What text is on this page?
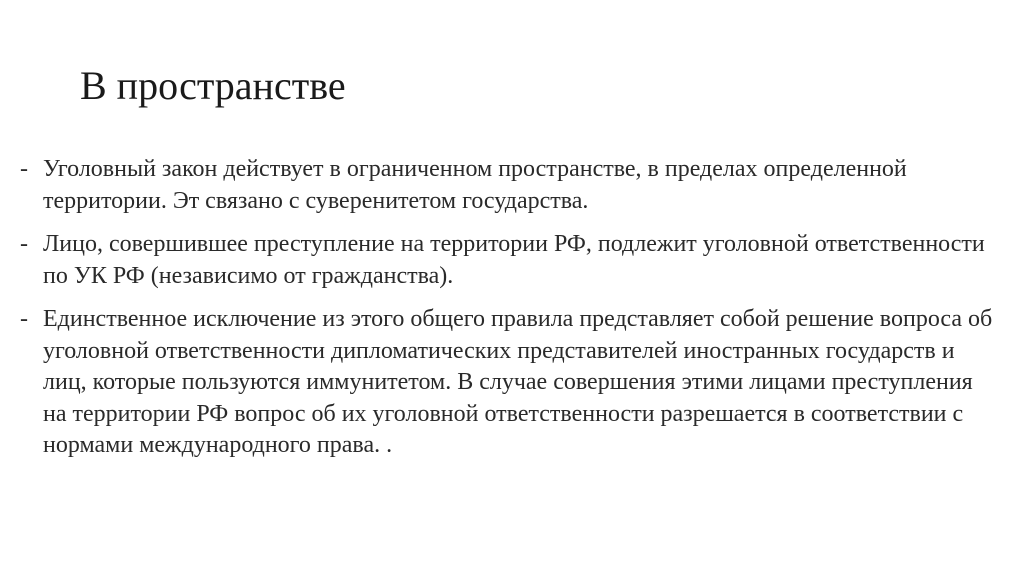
В пространстве
- Уголовный закон действует в ограниченном пространстве, в пределах определенной территории. Эт связано с суверенитетом государства.
- Лицо, совершившее преступление на территории РФ, подлежит уголовной ответственности по УК РФ (независимо от гражданства).
- Единственное исключение из этого общего правила представляет собой решение вопроса об уголовной ответственности дипломатических представителей иностранных государств и лиц, которые пользуются иммунитетом. В случае совершения этими лицами преступления на территории РФ вопрос об их уголовной ответственности разрешается в соответствии с нормами международного права. .
